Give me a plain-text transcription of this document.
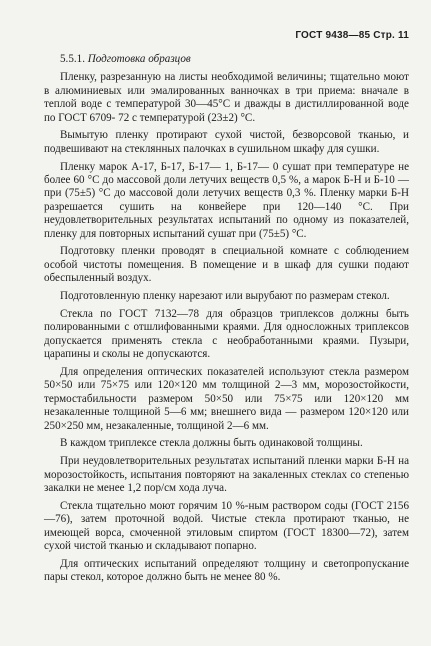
ГОСТ 9438—85 Стр. 11

5.5.1. Подготовка образцов

Пленку, разрезанную на листы необходимой величины; тщательно моют в алюминиевых или эмалированных ванночках в три приема: вначале в теплой воде с температурой 30—45°С и дважды в дистиллированной воде по ГОСТ 6709- 72 с температурой (23±2) °С.

Вымытую пленку протирают сухой чистой, безворсовой тканью, и подвешивают на стеклянных палочках в сушильном шкафу для сушки.

Пленку марок А-17, Б-17, Б-17— 1, Б-17— 0 сушат при температуре не более 60 °С до массовой доли летучих веществ 0,5 %, а марок Б-Н и Б-10 — при (75±5) °С до массовой доли летучих веществ 0,3 %. Пленку марки Б-Н разрешается сушить на конвейере при 120—140 °С. При неудовлетворительных результатах испытаний по одному из показателей, пленку для повторных испытаний сушат при (75±5) °С.

Подготовку пленки проводят в специальной комнате с соблюдением особой чистоты помещения. В помещение и в шкаф для сушки подают обеспыленный воздух.

Подготовленную пленку нарезают или вырубают по размерам стекол.

Стекла по ГОСТ 7132—78 для образцов триплексов должны быть полированными с отшлифованными краями. Для односложных триплексов допускается применять стекла с необработанными краями. Пузыри, царапины и сколы не допускаются.

Для определения оптических показателей используют стекла размером 50×50 или 75×75 или 120×120 мм толщиной 2—3 мм, морозостойкости, термостабильности размером 50×50 или 75×75 или 120×120 мм незакаленные толщиной 5—6 мм; внешнего вида — размером 120×120 или 250×250 мм, незакаленные, толщиной 2—6 мм.

В каждом триплексе стекла должны быть одинаковой толщины.

При неудовлетворительных результатах испытаний пленки марки Б-Н на морозостойкость, испытания повторяют на закаленных стеклах со степенью закалки не менее 1,2 пор/см хода луча.

Стекла тщательно моют горячим 10 %-ным раствором соды (ГОСТ 2156—76), затем проточной водой. Чистые стекла протирают тканью, не имеющей ворса, смоченной этиловым спиртом (ГОСТ 18300—72), затем сухой чистой тканью и складывают попарно.

Для оптических испытаний определяют толщину и светопропускание пары стекол, которое должно быть не менее 80 %.
